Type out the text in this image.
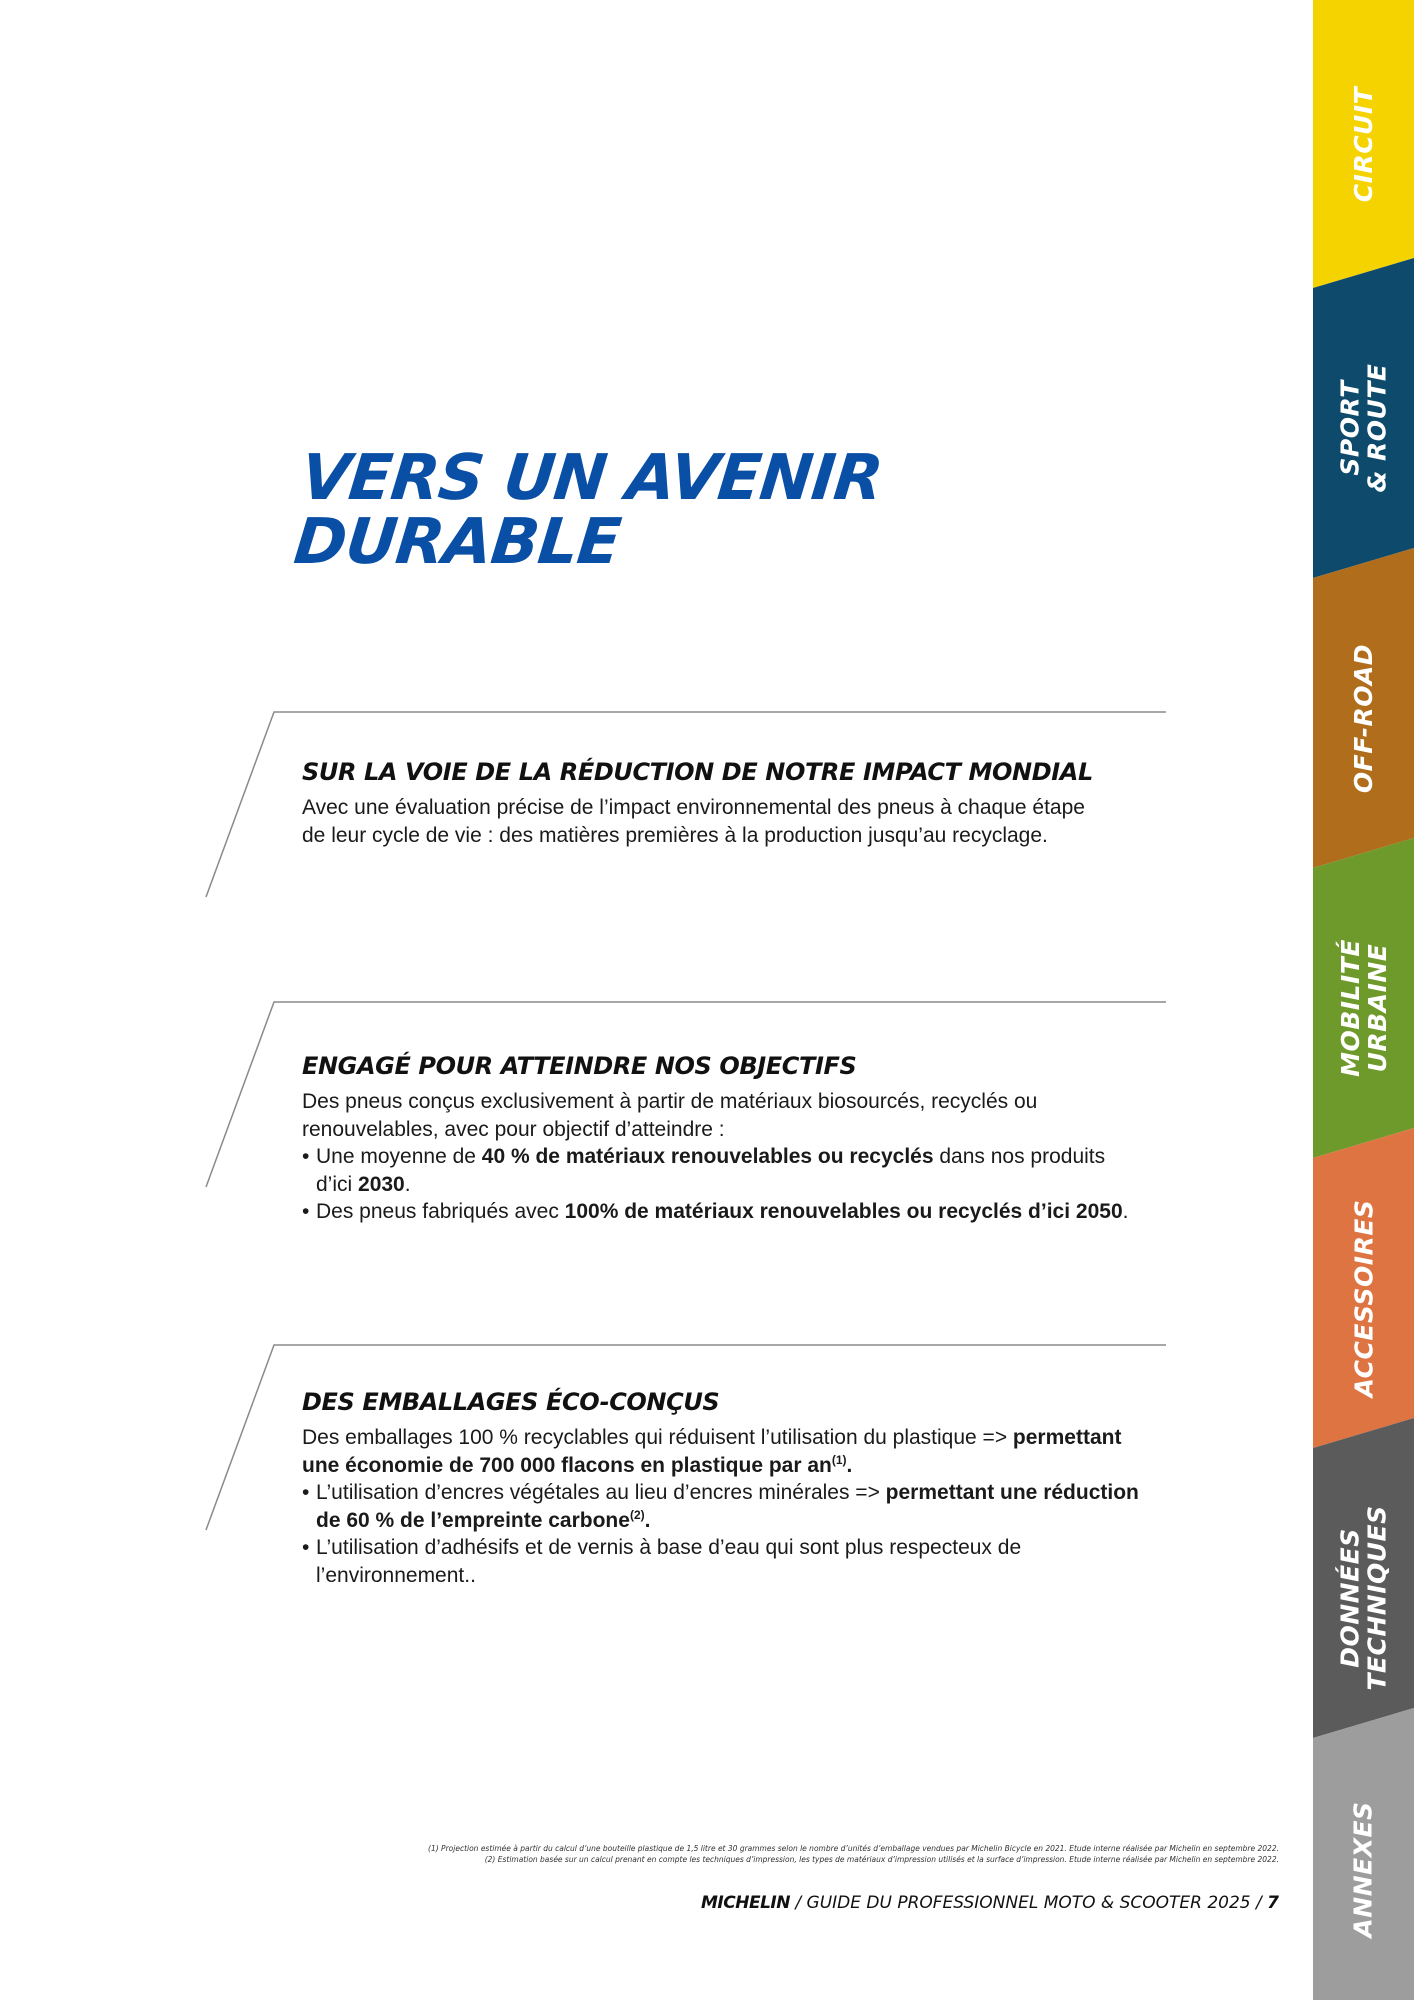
VERS UN AVENIR
DURABLE
SUR LA VOIE DE LA RÉDUCTION DE NOTRE IMPACT MONDIAL

Avec une évaluation précise de l’impact environnemental des pneus à chaque étape
de leur cycle de vie : des matières premières à la production jusqu’au recyclage.

ENGAGÉ POUR ATTEINDRE NOS OBJECTIFS

Des pneus conçus exclusivement à partir de matériaux biosourcés, recyclés ou
renouvelables, avec pour objectif d’atteindre :

• Une moyenne de 40 % de matériaux renouvelables ou recyclés dans nos produits
d’ici 2030.
• Des pneus fabriqués avec 100% de matériaux renouvelables ou recyclés d’ici 2050.
DES EMBALLAGES ÉCO-CONÇUS

Des emballages 100 % recyclables qui réduisent l’utilisation du plastique => permettant
une économie de 700 000 flacons en plastique par $an^{(1)}$.

• L’utilisation d’encres végétales au lieu d’encres minérales => permettant une réduction
de 60 % de l’empreinte carbone$^{(2)}$.
• L’utilisation d’adhésifs et de vernis à base d’eau qui sont plus respecteux de
l’environnement..
(1) Projection estimée à partir du calcul d’une bouteille plastique de 1,5 litre et 30 grammes selon le nombre d’unités d’emballage vendues par Michelin Bicycle en 2021. Etude interne réalisée par Michelin en septembre 2022.
(2) Estimation basée sur un calcul prenant en compte les techniques d’impression, les types de matériaux d’impression utilisés et la surface d’impression. Etude interne réalisée par Michelin en septembre 2022.
MICHELIN / GUIDE DU PROFESSIONNEL MOTO & SCOOTER 2025 / 7
CIRCUIT
SPORT
& ROUTE
OFF-ROAD
MOBILITÉ
URBAINE
ACCESSOIRES
DONNÉES
TECHNIQUES
ANNEXES
